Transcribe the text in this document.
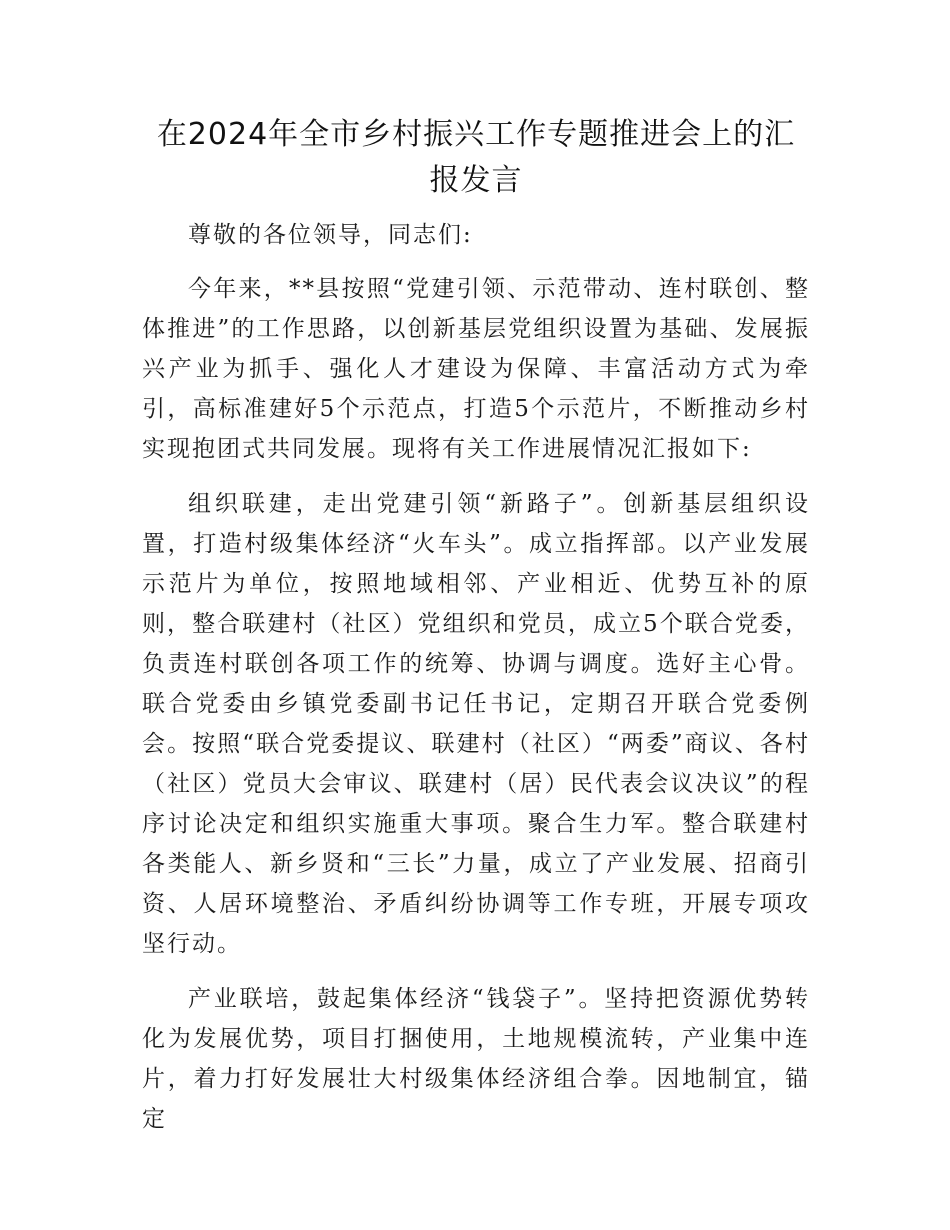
在2024年全市乡村振兴工作专题推进会上的汇报发言

尊敬的各位领导，同志们:

今年来，**县按照“党建引领、示范带动、连村联创、整体推进”的工作思路，以创新基层党组织设置为基础、发展振兴产业为抓手、强化人才建设为保障、丰富活动方式为牵引，高标准建好5个示范点，打造5个示范片，不断推动乡村实现抱团式共同发展。现将有关工作进展情况汇报如下:

组织联建，走出党建引领“新路子”。创新基层组织设置，打造村级集体经济“火车头”。成立指挥部。以产业发展示范片为单位，按照地域相邻、产业相近、优势互补的原则，整合联建村（社区）党组织和党员，成立5个联合党委，负责连村联创各项工作的统筹、协调与调度。选好主心骨。联合党委由乡镇党委副书记任书记，定期召开联合党委例会。按照“联合党委提议、联建村（社区）“两委”商议、各村（社区）党员大会审议、联建村（居）民代表会议决议”的程序讨论决定和组织实施重大事项。聚合生力军。整合联建村各类能人、新乡贤和“三长”力量，成立了产业发展、招商引资、人居环境整治、矛盾纠纷协调等工作专班，开展专项攻坚行动。

产业联培，鼓起集体经济“钱袋子”。坚持把资源优势转化为发展优势，项目打捆使用，土地规模流转，产业集中连片，着力打好发展壮大村级集体经济组合拳。因地制宜，锚定
